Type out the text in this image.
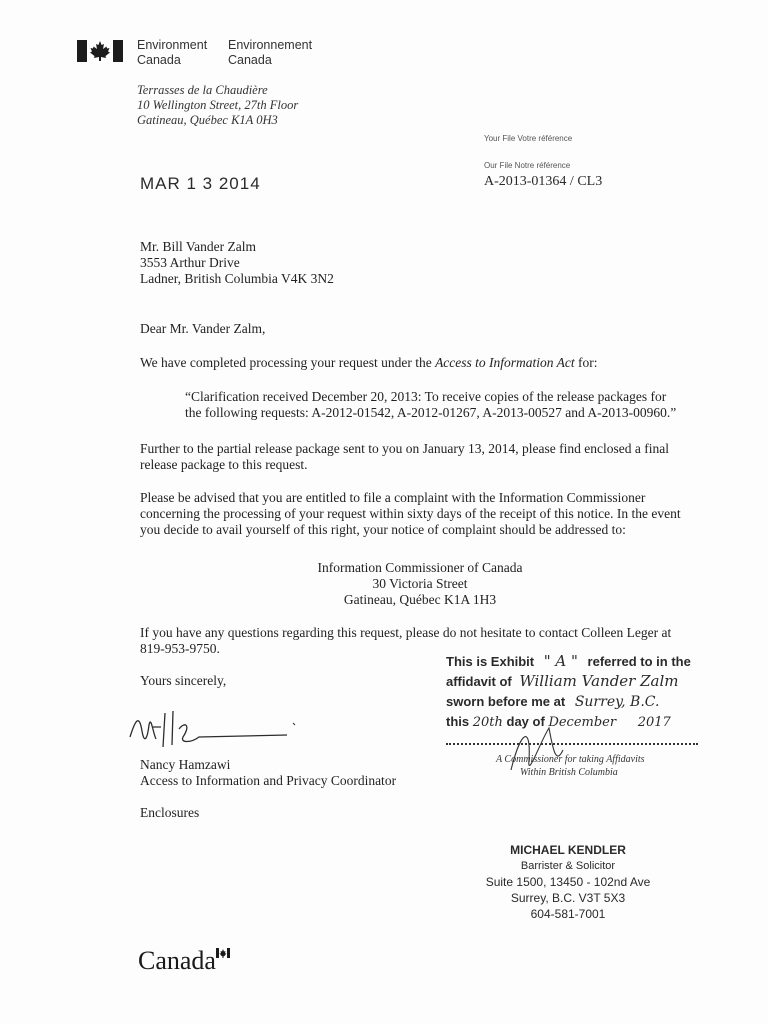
Environment
Canada
Environnement
Canada
Terrasses de la Chaudière
10 Wellington Street, 27th Floor
Gatineau, Québec K1A 0H3
Your File Votre référence
Our File Notre référence
A-2013-01364 / CL3
MAR 1 3 2014
Mr. Bill Vander Zalm
3553 Arthur Drive
Ladner, British Columbia V4K 3N2
Dear Mr. Vander Zalm,
We have completed processing your request under the Access to Information Act for:
“Clarification received December 20, 2013: To receive copies of the release packages for
the following requests: A-2012-01542, A-2012-01267, A-2013-00527 and A-2013-00960.”
Further to the partial release package sent to you on January 13, 2014, please find enclosed a final
release package to this request.
Please be advised that you are entitled to file a complaint with the Information Commissioner
concerning the processing of your request within sixty days of the receipt of this notice. In the event
you decide to avail yourself of this right, your notice of complaint should be addressed to:
Information Commissioner of Canada
30 Victoria Street
Gatineau, Québec K1A 1H3
If you have any questions regarding this request, please do not hesitate to contact Colleen Leger at
819-953-9750.
Yours sincerely,
Nancy Hamzawi
Access to Information and Privacy Coordinator
Enclosures
This is Exhibit " A " referred to in the
affidavit of William Vander Zalm
sworn before me at Surrey, B.C.
this 20th day of December 2017
A Commissioner for taking Affidavits
Within British Columbia
MICHAEL KENDLER
Barrister & Solicitor
Suite 1500, 13450 - 102nd Ave
Surrey, B.C. V3T 5X3
604-581-7001
Canada
